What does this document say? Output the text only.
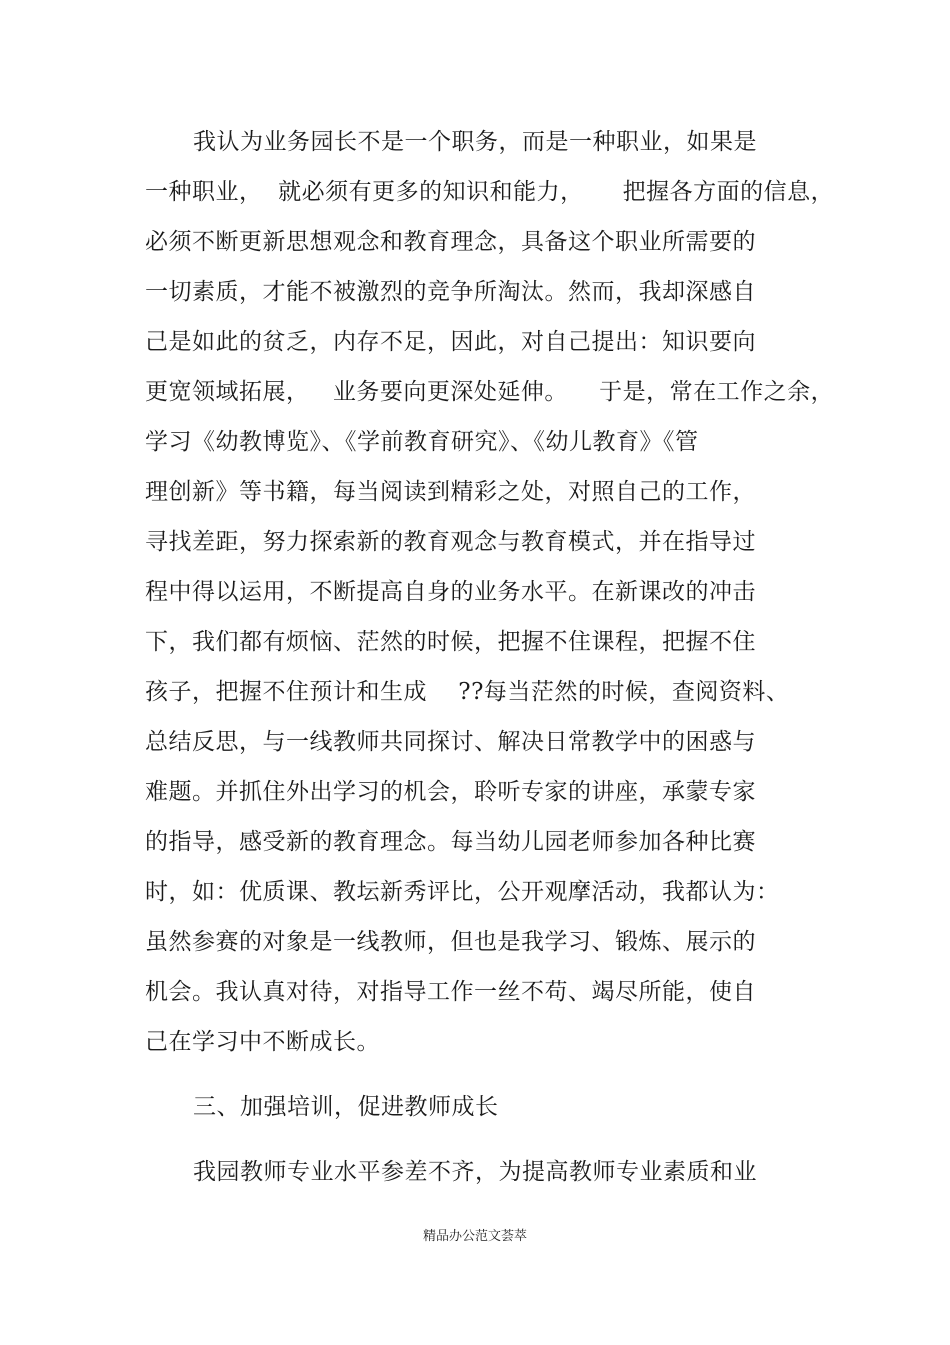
我认为业务园长不是一个职务，而是一种职业，如果是
一种职业，  就必须有更多的知识和能力，     把握各方面的信息，
必须不断更新思想观念和教育理念，具备这个职业所需要的
一切素质，才能不被激烈的竞争所淘汰。然而，我却深感自
己是如此的贫乏，内存不足，因此，对自己提出：知识要向
更宽领域拓展，   业务要向更深处延伸。    于是，常在工作之余，
学习《幼教博览》、《学前教育研究》、《幼儿教育》《管
理创新》等书籍，每当阅读到精彩之处，对照自己的工作，
寻找差距，努力探索新的教育观念与教育模式，并在指导过
程中得以运用，不断提高自身的业务水平。在新课改的冲击
下，我们都有烦恼、茫然的时候，把握不住课程，把握不住
孩子，把握不住预计和生成    ??每当茫然的时候，查阅资料、
总结反思，与一线教师共同探讨、解决日常教学中的困惑与
难题。并抓住外出学习的机会，聆听专家的讲座，承蒙专家
的指导，感受新的教育理念。每当幼儿园老师参加各种比赛
时，如：优质课、教坛新秀评比，公开观摩活动，我都认为：
虽然参赛的对象是一线教师，但也是我学习、锻炼、展示的
机会。我认真对待，对指导工作一丝不苟、竭尽所能，使自
己在学习中不断成长。
三、加强培训，促进教师成长
我园教师专业水平参差不齐，为提高教师专业素质和业
精品办公范文荟萃
